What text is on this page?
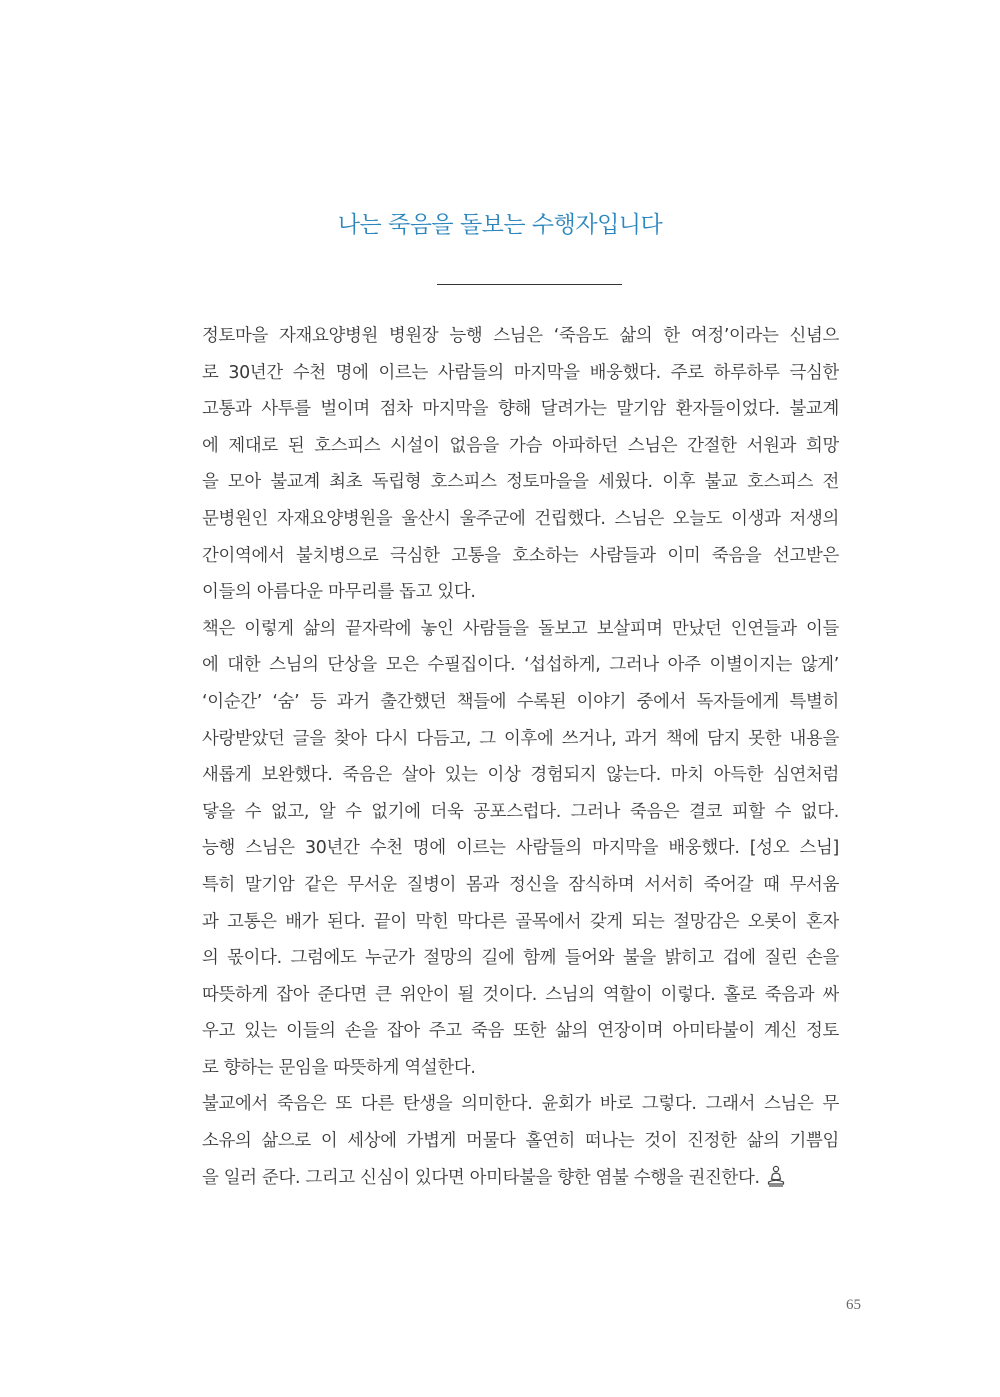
나는 죽음을 돌보는 수행자입니다
정토마을 자재요양병원 병원장 능행 스님은 ‘죽음도 삶의 한 여정’이라는 신념으
로 30년간 수천 명에 이르는 사람들의 마지막을 배웅했다. 주로 하루하루 극심한
고통과 사투를 벌이며 점차 마지막을 향해 달려가는 말기암 환자들이었다. 불교계
에 제대로 된 호스피스 시설이 없음을 가슴 아파하던 스님은 간절한 서원과 희망
을 모아 불교계 최초 독립형 호스피스 정토마을을 세웠다. 이후 불교 호스피스 전
문병원인 자재요양병원을 울산시 울주군에 건립했다. 스님은 오늘도 이생과 저생의
간이역에서 불치병으로 극심한 고통을 호소하는 사람들과 이미 죽음을 선고받은
이들의 아름다운 마무리를 돕고 있다.
책은 이렇게 삶의 끝자락에 놓인 사람들을 돌보고 보살피며 만났던 인연들과 이들
에 대한 스님의 단상을 모은 수필집이다. ‘섭섭하게, 그러나 아주 이별이지는 않게’
‘이순간’ ‘숨’ 등 과거 출간했던 책들에 수록된 이야기 중에서 독자들에게 특별히
사랑받았던 글을 찾아 다시 다듬고, 그 이후에 쓰거나, 과거 책에 담지 못한 내용을
새롭게 보완했다. 죽음은 살아 있는 이상 경험되지 않는다. 마치 아득한 심연처럼
닿을 수 없고, 알 수 없기에 더욱 공포스럽다. 그러나 죽음은 결코 피할 수 없다.
능행 스님은 30년간 수천 명에 이르는 사람들의 마지막을 배웅했다. [성오 스님]
특히 말기암 같은 무서운 질병이 몸과 정신을 잠식하며 서서히 죽어갈 때 무서움
과 고통은 배가 된다. 끝이 막힌 막다른 골목에서 갖게 되는 절망감은 오롯이 혼자
의 몫이다. 그럼에도 누군가 절망의 길에 함께 들어와 불을 밝히고 겁에 질린 손을
따뜻하게 잡아 준다면 큰 위안이 될 것이다. 스님의 역할이 이렇다. 홀로 죽음과 싸
우고 있는 이들의 손을 잡아 주고 죽음 또한 삶의 연장이며 아미타불이 계신 정토
로 향하는 문임을 따뜻하게 역설한다.
불교에서 죽음은 또 다른 탄생을 의미한다. 윤회가 바로 그렇다. 그래서 스님은 무
소유의 삶으로 이 세상에 가볍게 머물다 홀연히 떠나는 것이 진정한 삶의 기쁨임
을 일러 준다. 그리고 신심이 있다면 아미타불을 향한 염불 수행을 권진한다.
65
